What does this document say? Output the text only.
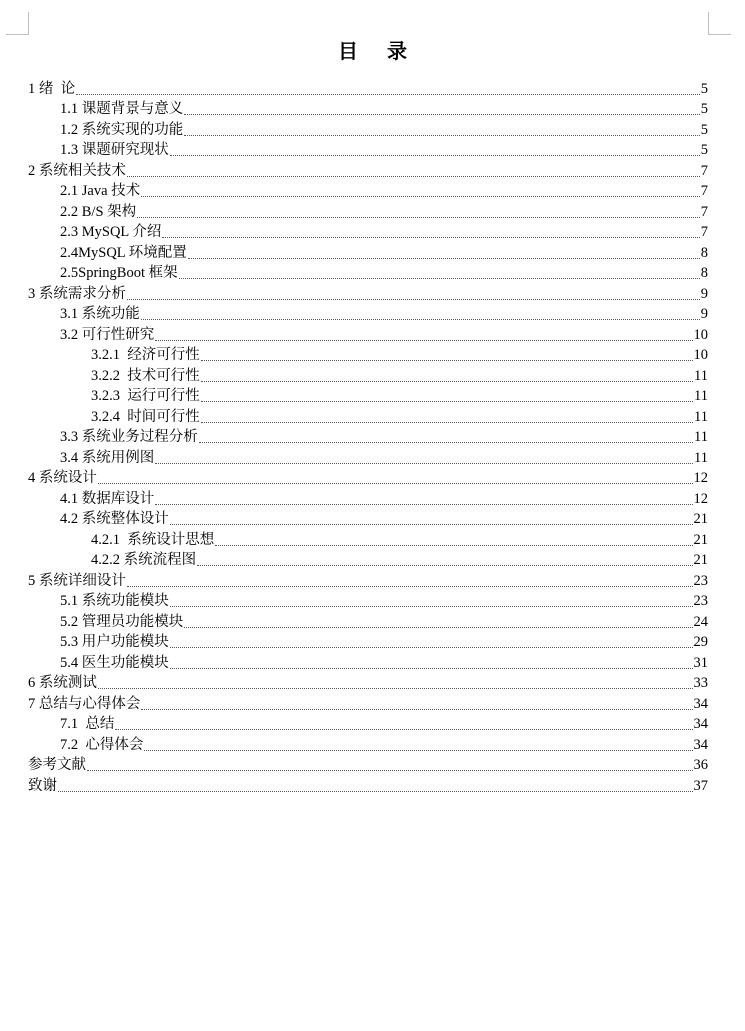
目 录
1 绪  论	5
1.1 课题背景与意义	5
1.2 系统实现的功能	5
1.3 课题研究现状	5
2 系统相关技术	7
2.1 Java 技术	7
2.2 B/S 架构	7
2.3 MySQL 介绍	7
2.4MySQL 环境配置	8
2.5SpringBoot 框架	8
3 系统需求分析	9
3.1 系统功能	9
3.2 可行性研究	10
3.2.1  经济可行性	10
3.2.2  技术可行性	11
3.2.3  运行可行性	11
3.2.4  时间可行性	11
3.3 系统业务过程分析	11
3.4 系统用例图	11
4 系统设计	12
4.1 数据库设计	12
4.2 系统整体设计	21
4.2.1  系统设计思想	21
4.2.2 系统流程图	21
5 系统详细设计	23
5.1 系统功能模块	23
5.2 管理员功能模块	24
5.3 用户功能模块	29
5.4 医生功能模块	31
6 系统测试	33
7 总结与心得体会	34
7.1  总结	34
7.2  心得体会	34
参考文献	36
致谢	37
